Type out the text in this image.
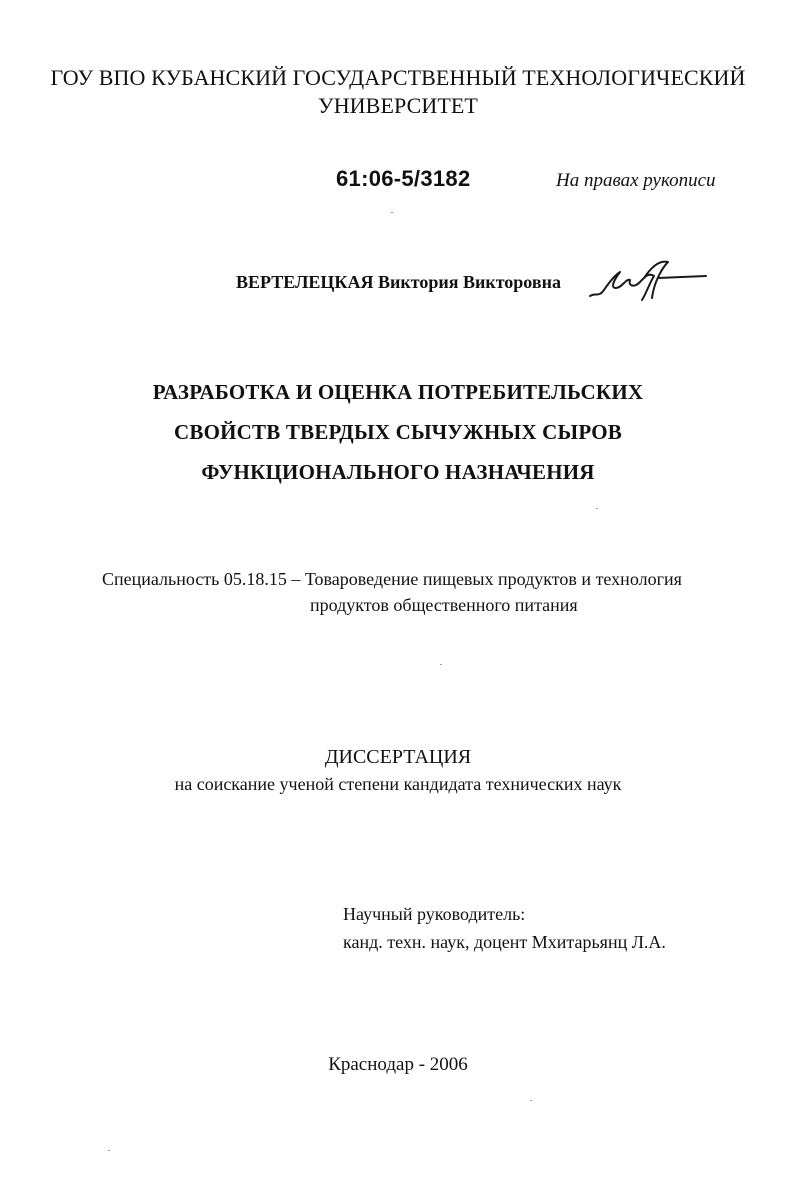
ГОУ ВПО КУБАНСКИЙ ГОСУДАРСТВЕННЫЙ ТЕХНОЛОГИЧЕСКИЙ
УНИВЕРСИТЕТ
61:06-5/3182	На правах рукописи
ВЕРТЕЛЕЦКАЯ Виктория Викторовна
РАЗРАБОТКА И ОЦЕНКА ПОТРЕБИТЕЛЬСКИХ
СВОЙСТВ ТВЕРДЫХ СЫЧУЖНЫХ СЫРОВ
ФУНКЦИОНАЛЬНОГО НАЗНАЧЕНИЯ
Специальность 05.18.15 – Товароведение пищевых продуктов и технология
продуктов общественного питания
ДИССЕРТАЦИЯ
на соискание ученой степени кандидата технических наук
Научный руководитель:
канд. техн. наук, доцент Мхитарьянц Л.А.
Краснодар - 2006
